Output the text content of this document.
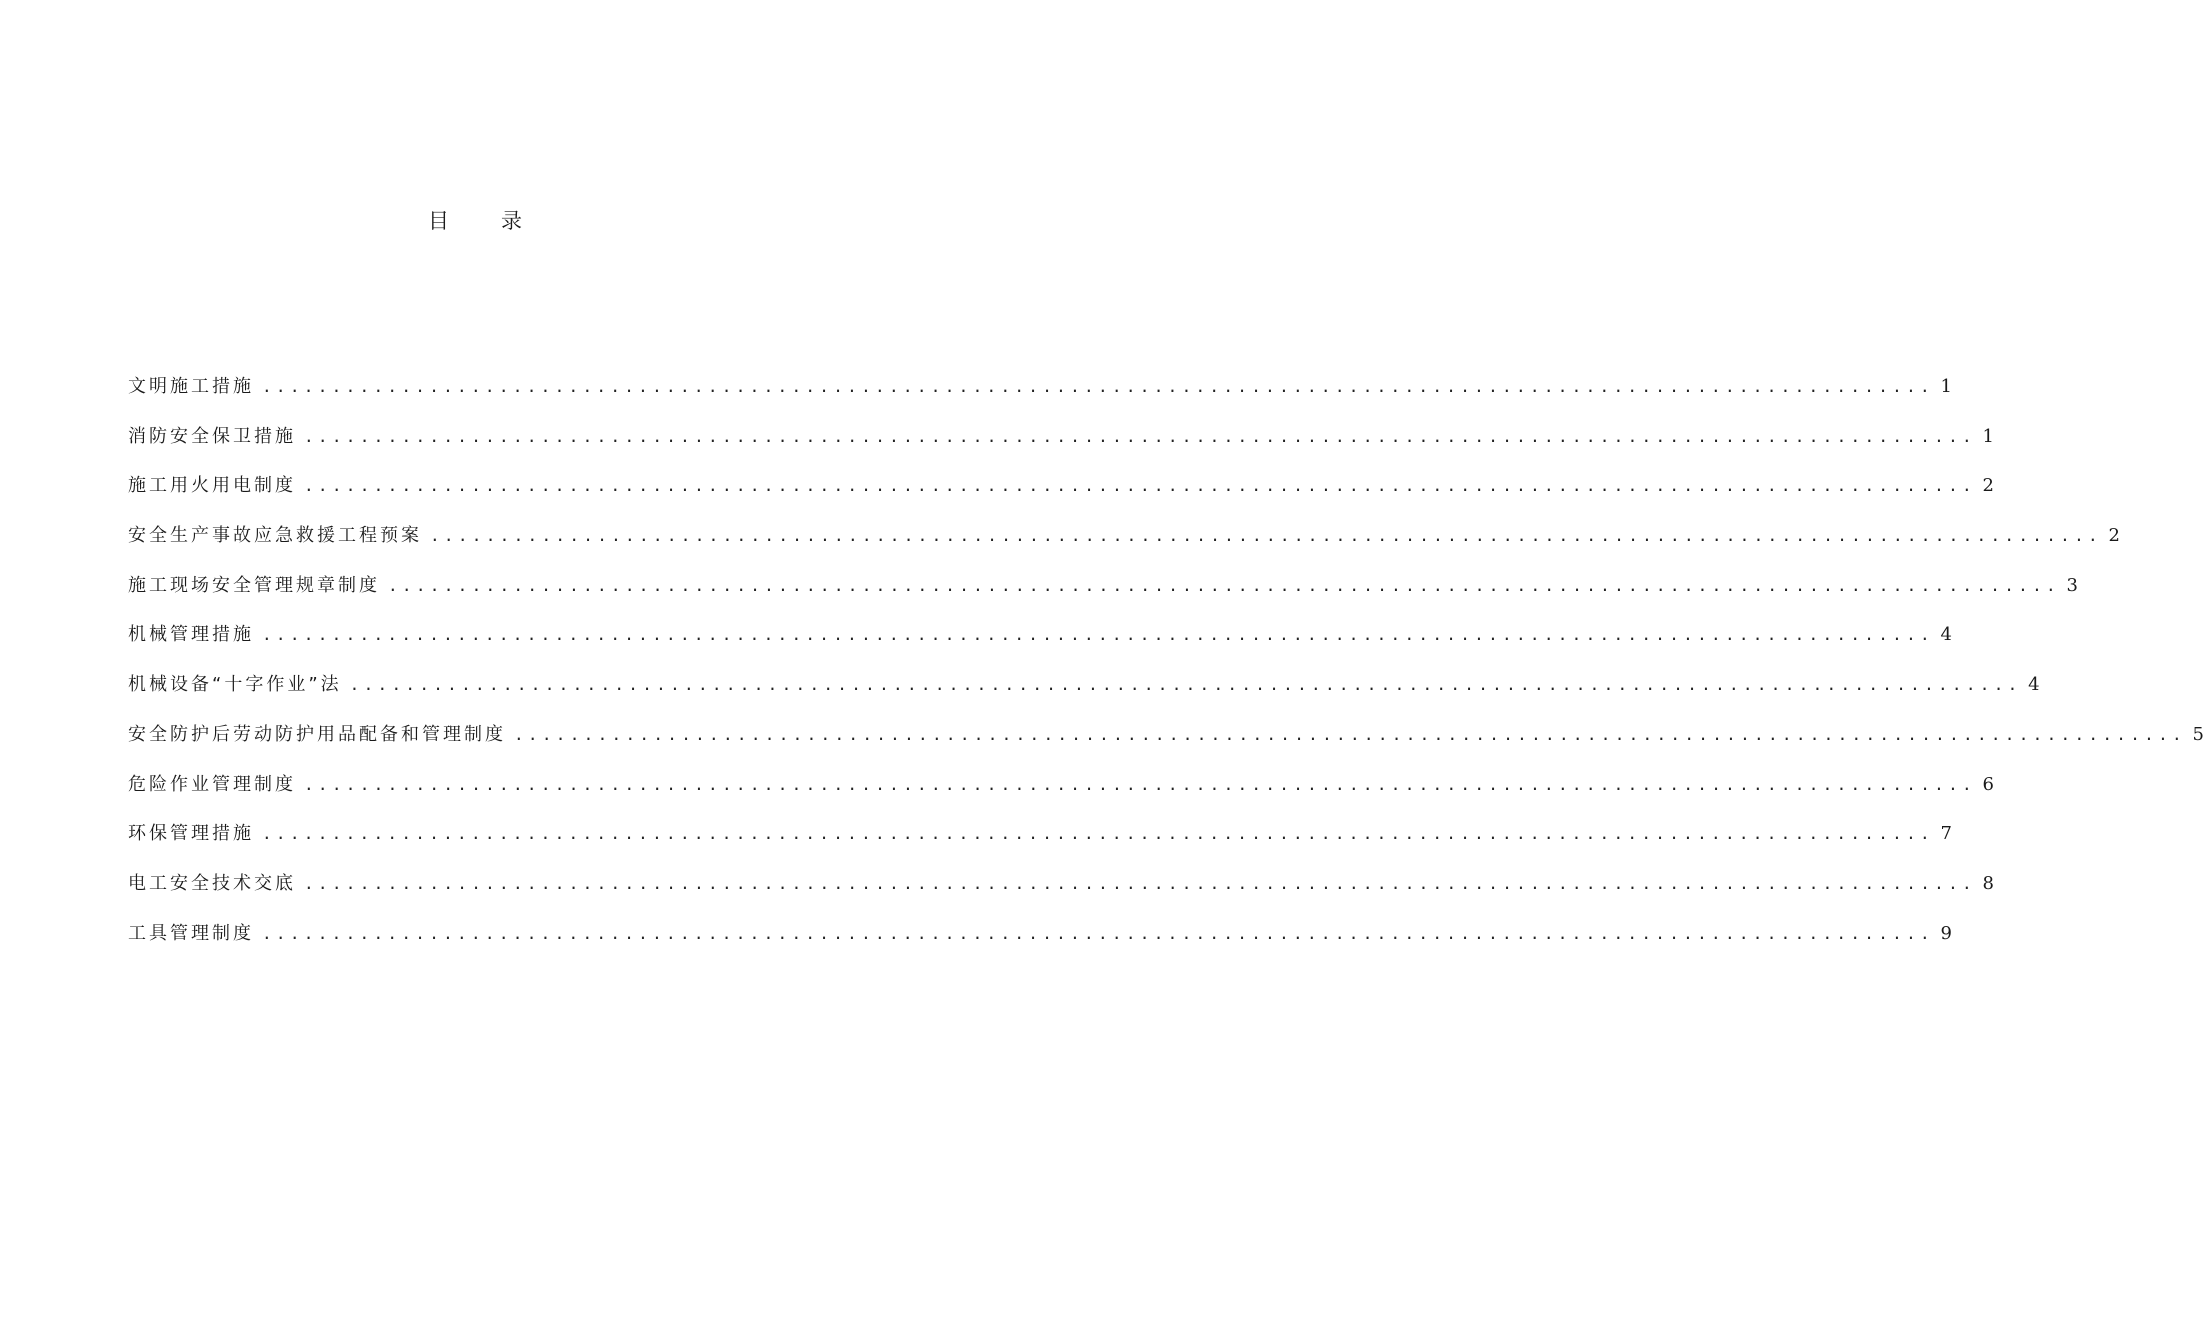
目 录
文明施工措施 ........................................................................................................................ 1
消防安全保卫措施 ........................................................................................................................ 1
施工用火用电制度 ........................................................................................................................ 2
安全生产事故应急救援工程预案 ........................................................................................................................ 2
施工现场安全管理规章制度 ........................................................................................................................ 3
机械管理措施 ........................................................................................................................ 4
机械设备“十字作业”法 ........................................................................................................................ 4
安全防护后劳动防护用品配备和管理制度 ........................................................................................................................ 5
危险作业管理制度 ........................................................................................................................ 6
环保管理措施 ........................................................................................................................ 7
电工安全技术交底 ........................................................................................................................ 8
工具管理制度 ........................................................................................................................ 9
